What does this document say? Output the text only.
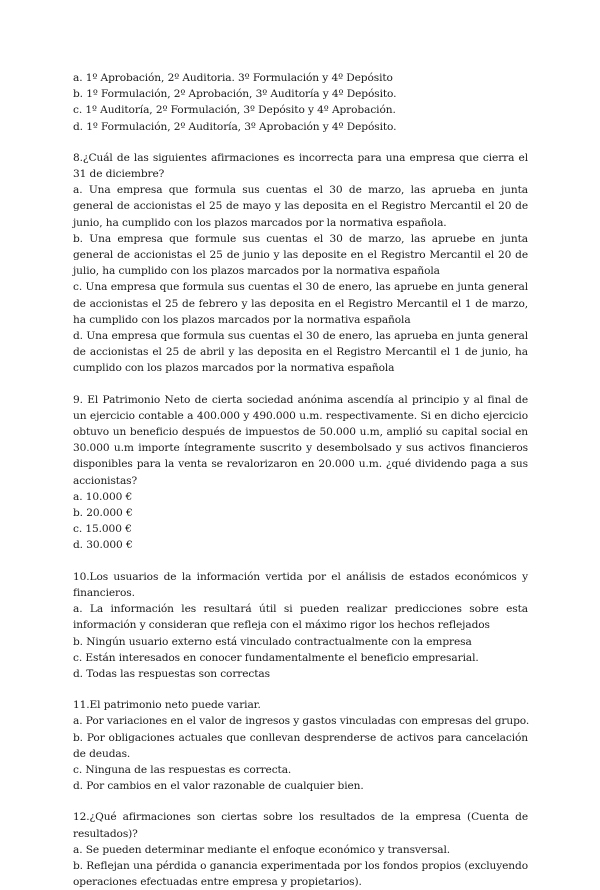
a. 1º Aprobación, 2º Auditoria. 3º Formulación y 4º Depósito
b. 1º Formulación, 2º Aprobación, 3º Auditoría y 4º Depósito.
c. 1º Auditoría, 2º Formulación, 3º Depósito y 4º Aprobación.
d. 1º Formulación, 2º Auditoría, 3º Aprobación y 4º Depósito.
8.¿Cuál de las siguientes afirmaciones es incorrecta para una empresa que cierra el 31 de diciembre?
a. Una empresa que formula sus cuentas el 30 de marzo, las aprueba en junta general de accionistas el 25 de mayo y las deposita en el Registro Mercantil el 20 de junio, ha cumplido con los plazos marcados por la normativa española.
b. Una empresa que formule sus cuentas el 30 de marzo, las apruebe en junta general de accionistas el 25 de junio y las deposite en el Registro Mercantil el 20 de julio, ha cumplido con los plazos marcados por la normativa española
c. Una empresa que formula sus cuentas el 30 de enero, las apruebe en junta general de accionistas el 25 de febrero y las deposita en el Registro Mercantil el 1 de marzo, ha cumplido con los plazos marcados por la normativa española
d. Una empresa que formula sus cuentas el 30 de enero, las aprueba en junta general de accionistas el 25 de abril y las deposita en el Registro Mercantil el 1 de junio, ha cumplido con los plazos marcados por la normativa española
9. El Patrimonio Neto de cierta sociedad anónima ascendía al principio y al final de un ejercicio contable a 400.000 y 490.000 u.m. respectivamente. Si en dicho ejercicio obtuvo un beneficio después de impuestos de 50.000 u.m, amplió su capital social en 30.000 u.m importe íntegramente suscrito y desembolsado y sus activos financieros disponibles para la venta se revalorizaron en 20.000 u.m. ¿qué dividendo paga a sus accionistas?
a. 10.000 €
b. 20.000 €
c. 15.000 €
d. 30.000 €
10.Los usuarios de la información vertida por el análisis de estados económicos y financieros.
a. La información les resultará útil si pueden realizar predicciones sobre esta información y consideran que refleja con el máximo rigor los hechos reflejados
b. Ningún usuario externo está vinculado contractualmente con la empresa
c. Están interesados en conocer fundamentalmente el beneficio empresarial.
d. Todas las respuestas son correctas
11.El patrimonio neto puede variar.
a. Por variaciones en el valor de ingresos y gastos vinculadas con empresas del grupo.
b. Por obligaciones actuales que conllevan desprenderse de activos para cancelación de deudas.
c. Ninguna de las respuestas es correcta.
d. Por cambios en el valor razonable de cualquier bien.
12.¿Qué afirmaciones son ciertas sobre los resultados de la empresa (Cuenta de resultados)?
a. Se pueden determinar mediante el enfoque económico y transversal.
b. Reflejan una pérdida o ganancia experimentada por los fondos propios (excluyendo operaciones efectuadas entre empresa y propietarios).
